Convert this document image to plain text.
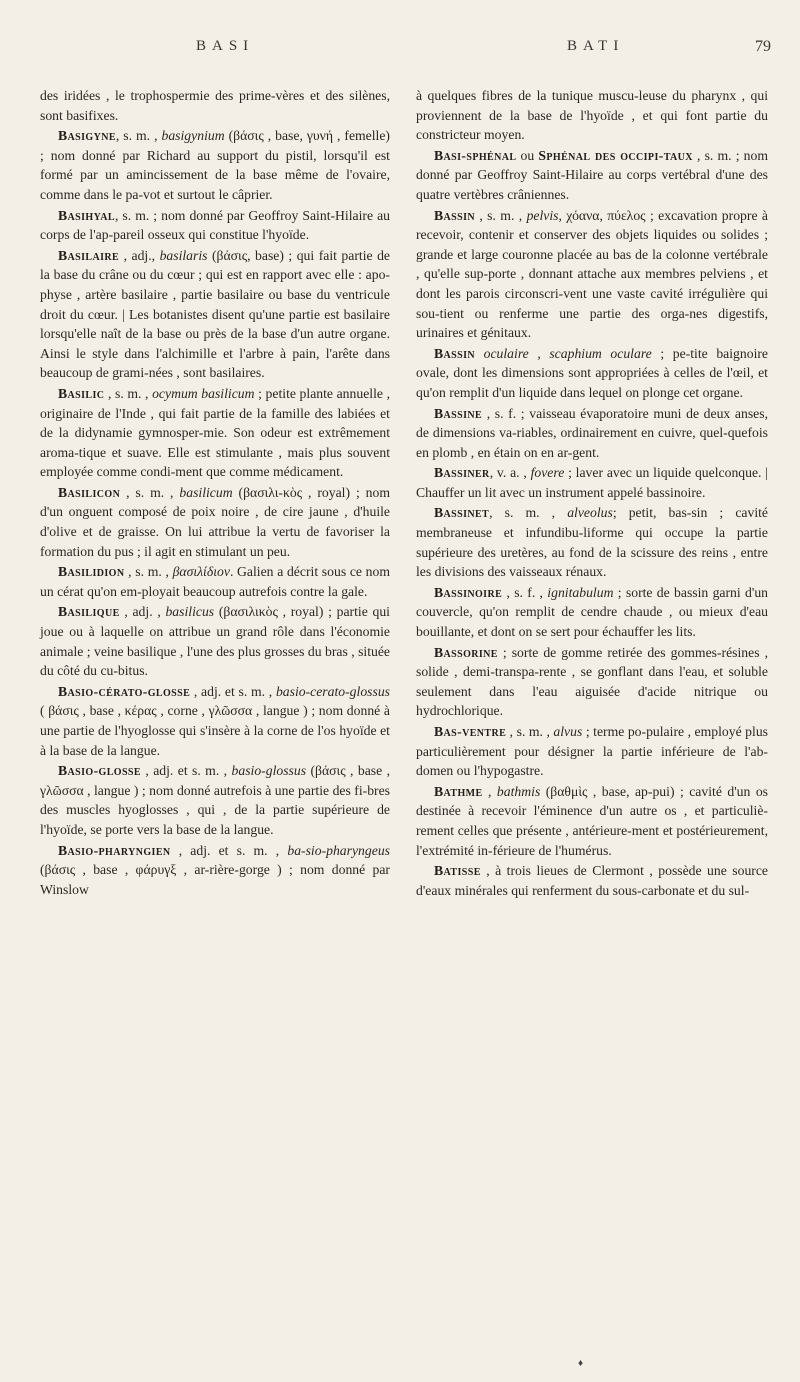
BASI	BATI	79

des iridées , le trophospermie des prime-vères et des silènes, sont basifixes.

Basigyne, s. m. , basigynium (βάσις , base, γυνή , femelle) ; nom donné par Richard au support du pistil, lorsqu'il est formé par un amincissement de la base même de l'ovaire, comme dans le pa-vot et surtout le câprier.

Basihyal, s. m. ; nom donné par Geoffroy Saint-Hilaire au corps de l'ap-pareil osseux qui constitue l'hyoïde.

Basilaire , adj., basilaris (βάσις, base) ; qui fait partie de la base du crâne ou du cœur ; qui est en rapport avec elle : apo-physe , artère basilaire , partie basilaire ou base du ventricule droit du cœur. | Les botanistes disent qu'une partie est basilaire lorsqu'elle naît de la base ou près de la base d'un autre organe. Ainsi le style dans l'alchimille et l'arbre à pain, l'arête dans beaucoup de grami-nées , sont basilaires.

Basilic , s. m. , ocymum basilicum ; petite plante annuelle , originaire de l'Inde , qui fait partie de la famille des labiées et de la didynamie gymnosper-mie. Son odeur est extrêmement aroma-tique et suave. Elle est stimulante , mais plus souvent employée comme condi-ment que comme médicament.

Basilicon , s. m. , basilicum (βασιλι-κὸς , royal) ; nom d'un onguent composé de poix noire , de cire jaune , d'huile d'olive et de graisse. On lui attribue la vertu de favoriser la formation du pus ; il agit en stimulant un peu.

Basilidion , s. m. , βασιλίδιον. Galien a décrit sous ce nom un cérat qu'on em-ployait beaucoup autrefois contre la gale.

Basilique , adj. , basilicus (βασιλικὸς , royal) ; partie qui joue ou à laquelle on attribue un grand rôle dans l'économie animale ; veine basilique , l'une des plus grosses du bras , située du côté du cu-bitus.

Basio-cérato-glosse , adj. et s. m. , basio-cerato-glossus ( βάσις , base , κέρας , corne , γλῶσσα , langue ) ; nom donné à une partie de l'hyoglosse qui s'insère à la corne de l'os hyoïde et à la base de la langue.

Basio-glosse , adj. et s. m. , basio-glossus (βάσις , base , γλῶσσα , langue ) ; nom donné autrefois à une partie des fi-bres des muscles hyoglosses , qui , de la partie supérieure de l'hyoïde, se porte vers la base de la langue.

Basio-pharyngien , adj. et s. m. , ba-sio-pharyngeus (βάσις , base , φάρυγξ , ar-rière-gorge ) ; nom donné par Winslow

à quelques fibres de la tunique muscu-leuse du pharynx , qui proviennent de la base de l'hyoïde , et qui font partie du constricteur moyen.

Basi-sphénal ou Sphénal des occipi-taux , s. m. ; nom donné par Geoffroy Saint-Hilaire au corps vertébral d'une des quatre vertèbres crâniennes.

Bassin , s. m. , pelvis, χόανα, πύελος ; excavation propre à recevoir, contenir et conserver des objets liquides ou solides ; grande et large couronne placée au bas de la colonne vertébrale , qu'elle sup-porte , donnant attache aux membres pelviens , et dont les parois circonscri-vent une vaste cavité irrégulière qui sou-tient ou renferme une partie des orga-nes digestifs, urinaires et génitaux.

Bassin oculaire , scaphium oculare ; pe-tite baignoire ovale, dont les dimensions sont appropriées à celles de l'œil, et qu'on remplit d'un liquide dans lequel on plonge cet organe.

Bassine , s. f. ; vaisseau évaporatoire muni de deux anses, de dimensions va-riables, ordinairement en cuivre, quel-quefois en plomb , en étain on en ar-gent.

Bassiner, v. a. , fovere ; laver avec un liquide quelconque. | Chauffer un lit avec un instrument appelé bassinoire.

Bassinet, s. m. , alveolus; petit, bas-sin ; cavité membraneuse et infundibu-liforme qui occupe la partie supérieure des uretères, au fond de la scissure des reins , entre les divisions des vaisseaux rénaux.

Bassinoire , s. f. , ignitabulum ; sorte de bassin garni d'un couvercle, qu'on remplit de cendre chaude , ou mieux d'eau bouillante, et dont on se sert pour échauffer les lits.

Bassorine ; sorte de gomme retirée des gommes-résines , solide , demi-transpa-rente , se gonflant dans l'eau, et soluble seulement dans l'eau aiguisée d'acide nitrique ou hydrochlorique.

Bas-ventre , s. m. , alvus ; terme po-pulaire , employé plus particulièrement pour désigner la partie inférieure de l'ab-domen ou l'hypogastre.

Bathme , bathmis (βαθμὶς , base, ap-pui) ; cavité d'un os destinée à recevoir l'éminence d'un autre os , et particuliè-rement celles que présente , antérieure-ment et postérieurement, l'extrémité in-férieure de l'humérus.

Batisse , à trois lieues de Clermont , possède une source d'eaux minérales qui renferment du sous-carbonate et du sul-

♦
